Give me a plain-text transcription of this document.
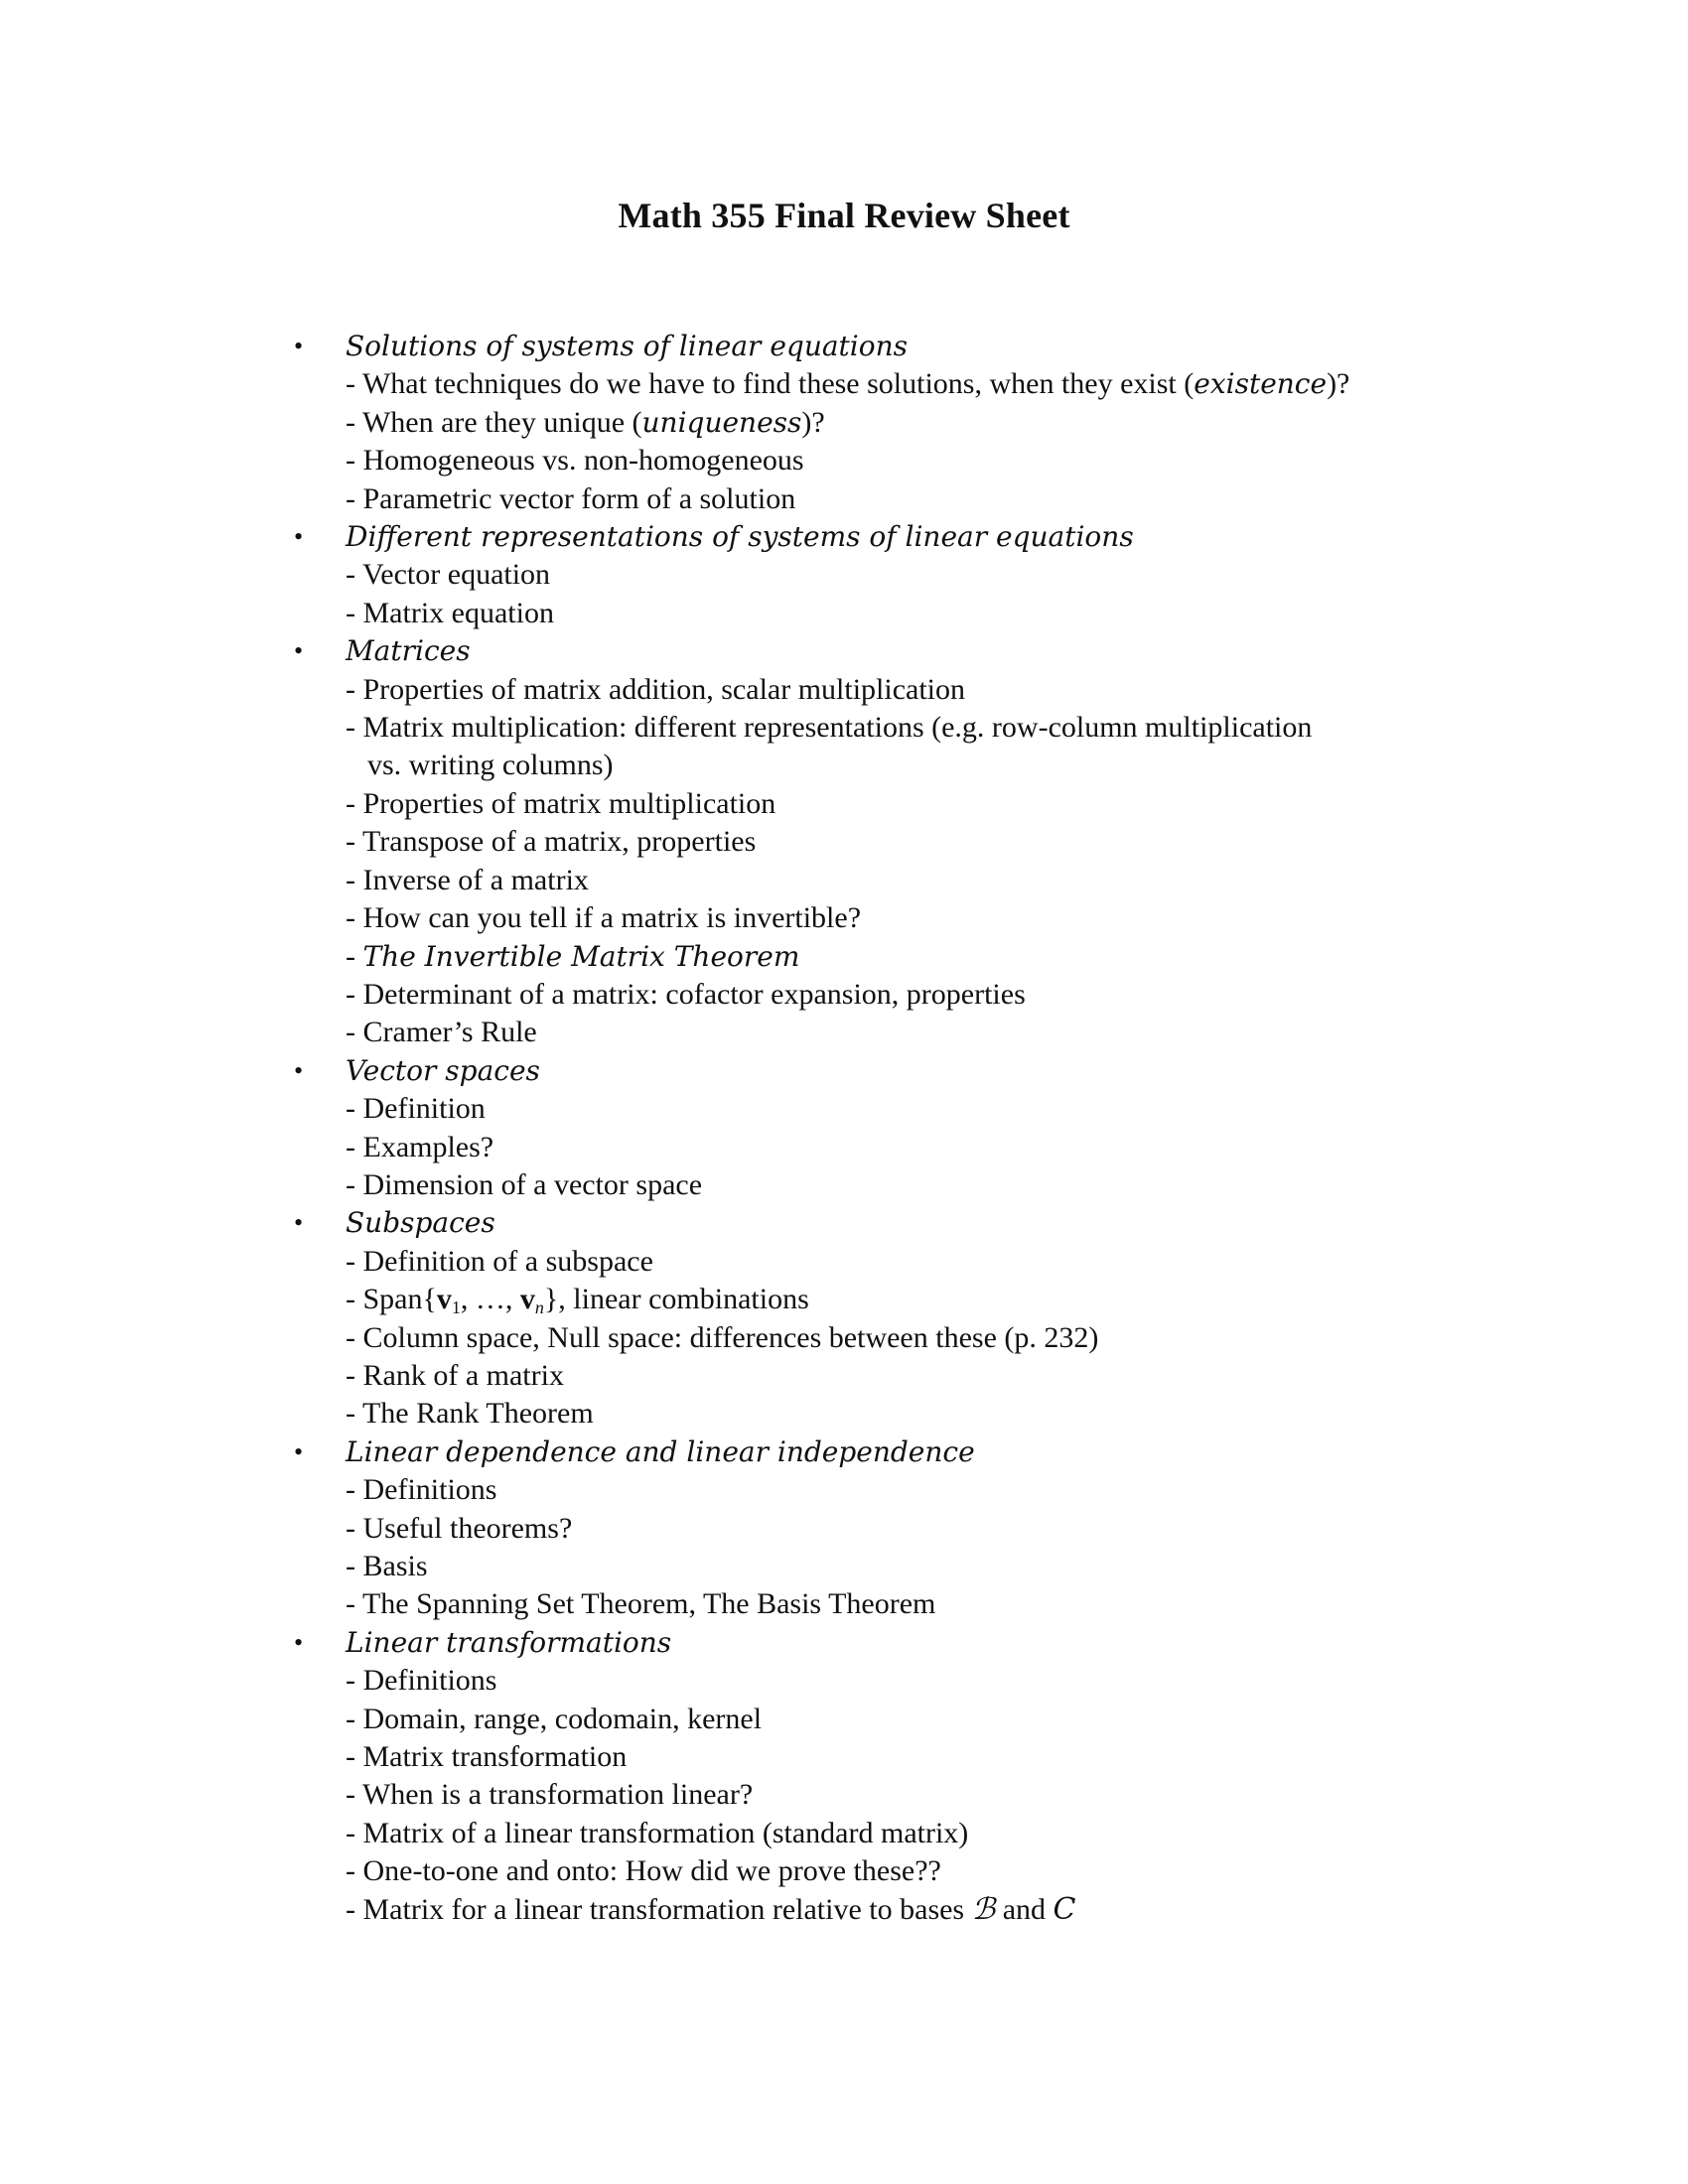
Math 355 Final Review Sheet
•	Solutions of systems of linear equations
- What techniques do we have to find these solutions, when they exist (existence)?
- When are they unique (uniqueness)?
- Homogeneous vs. non-homogeneous
- Parametric vector form of a solution
•	Different representations of systems of linear equations
- Vector equation
- Matrix equation
•	Matrices
- Properties of matrix addition, scalar multiplication
- Matrix multiplication: different representations (e.g. row-column multiplication
vs. writing columns)
- Properties of matrix multiplication
- Transpose of a matrix, properties
- Inverse of a matrix
- How can you tell if a matrix is invertible?
- The Invertible Matrix Theorem
- Determinant of a matrix: cofactor expansion, properties
- Cramer’s Rule
•	Vector spaces
- Definition
- Examples?
- Dimension of a vector space
•	Subspaces
- Definition of a subspace
- $Span\{v_1$, …, $v_n$}, linear combinations
- Column space, Null space: differences between these (p. 232)
- Rank of a matrix
- The Rank Theorem
•	Linear dependence and linear independence
- Definitions
- Useful theorems?
- Basis
- The Spanning Set Theorem, The Basis Theorem
•	Linear transformations
- Definitions
- Domain, range, codomain, kernel
- Matrix transformation
- When is a transformation linear?
- Matrix of a linear transformation (standard matrix)
- One-to-one and onto: How did we prove these??
- Matrix for a linear transformation relative to bases ℬ and C
